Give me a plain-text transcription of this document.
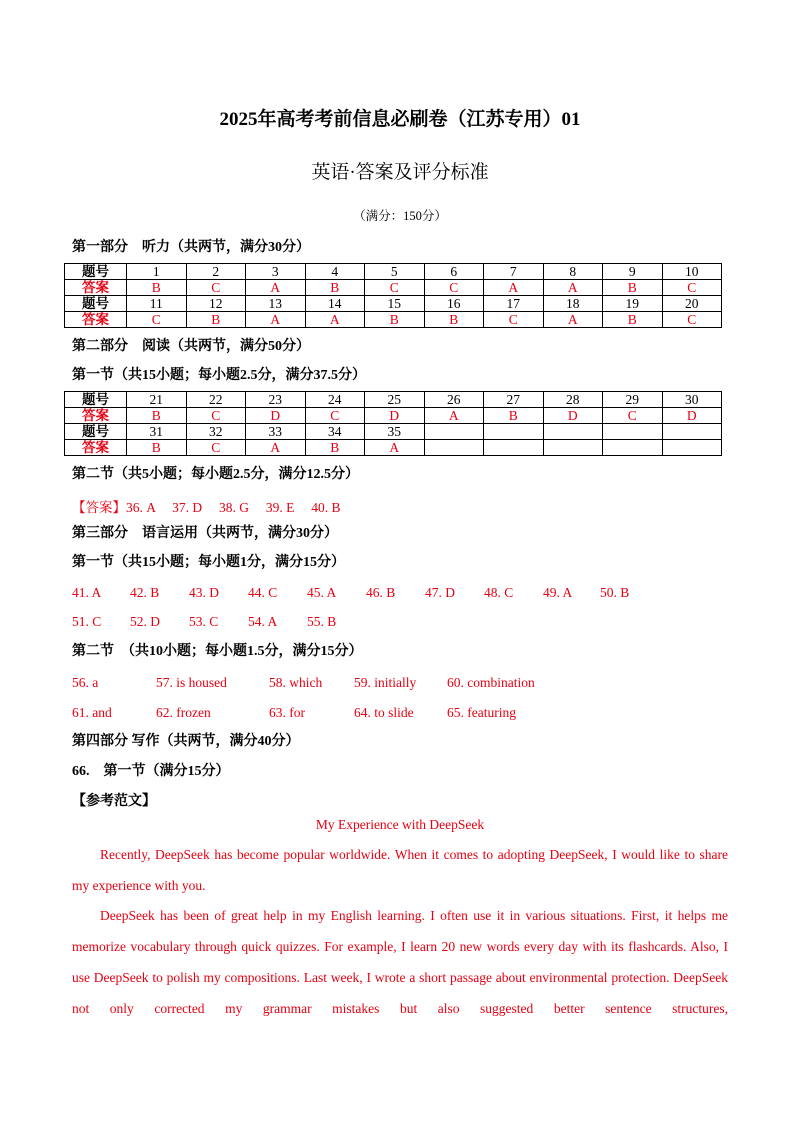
2025年高考考前信息必刷卷（江苏专用）01
英语·答案及评分标准
（满分：150分）
第一部分　听力（共两节，满分30分）
题号	1	2	3	4	5	6	7	8	9	10
答案	B	C	A	B	C	C	A	A	B	C
题号	11	12	13	14	15	16	17	18	19	20
答案	C	B	A	A	B	B	C	A	B	C
第二部分　阅读（共两节，满分50分）
第一节（共15小题；每小题2.5分，满分37.5分）
题号	21	22	23	24	25	26	27	28	29	30
答案	B	C	D	C	D	A	B	D	C	D
题号	31	32	33	34	35					
答案	B	C	A	B	A					
第二节（共5小题；每小题2.5分，满分12.5分）
【答案】36. A　 37. D　 38. G　 39. E　 40. B
第三部分　语言运用（共两节，满分30分）
第一节（共15小题；每小题1分，满分15分）
41. A 42. B 43. D 44. C 45. A 46. B 47. D 48. C 49. A 50. B
51. C 52. D 53. C 54. A 55. B
第二节　（共10小题；每小题1.5分，满分15分）
56. a	57. is housed	58. which 59. initially 60. combination
61. and	62. frozen	63. for	64. to slide 65. featuring
第四部分 写作（共两节，满分40分）
66.　第一节（满分15分）
【参考范文】
My Experience with DeepSeek
Recently, DeepSeek has become popular worldwide. When it comes to adopting DeepSeek, I would like to share my experience with you.
DeepSeek has been of great help in my English learning. I often use it in various situations. First, it helps me memorize vocabulary through quick quizzes. For example, I learn 20 new words every day with its flashcards. Also, I use DeepSeek to polish my compositions. Last week, I wrote a short passage about environmental protection. DeepSeek not only corrected my grammar mistakes but also suggested better sentence structures,
